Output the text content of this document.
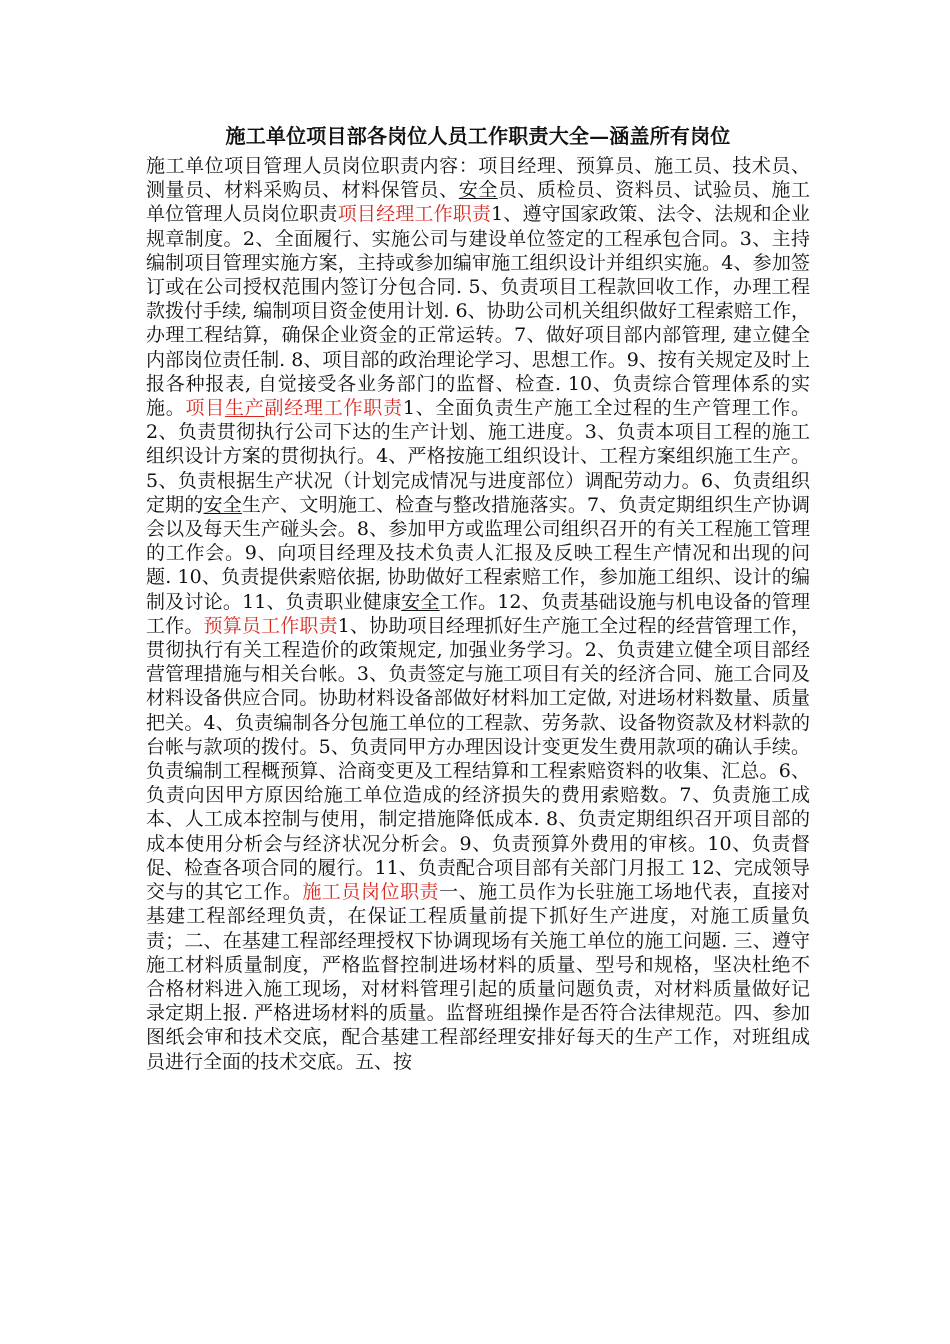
施工单位项目部各岗位人员工作职责大全—涵盖所有岗位

施工单位项目管理人员岗位职责内容：项目经理、预算员、施工员、技术员、测量员、材料采购员、材料保管员、安全员、质检员、资料员、试验员、施工单位管理人员岗位职责项目经理工作职责1、遵守国家政策、法令、法规和企业规章制度。2、全面履行、实施公司与建设单位签定的工程承包合同。3、主持编制项目管理实施方案，主持或参加编审施工组织设计并组织实施。4、参加签订或在公司授权范围内签订分包合同. 5、负责项目工程款回收工作，办理工程款拨付手续, 编制项目资金使用计划. 6、协助公司机关组织做好工程索赔工作，办理工程结算，确保企业资金的正常运转。7、做好项目部内部管理, 建立健全内部岗位责任制. 8、项目部的政治理论学习、思想工作。9、按有关规定及时上报各种报表, 自觉接受各业务部门的监督、检查. 10、负责综合管理体系的实施。项目生产副经理工作职责1、全面负责生产施工全过程的生产管理工作。2、负责贯彻执行公司下达的生产计划、施工进度。3、负责本项目工程的施工组织设计方案的贯彻执行。4、严格按施工组织设计、工程方案组织施工生产。5、负责根据生产状况（计划完成情况与进度部位）调配劳动力。6、负责组织定期的安全生产、文明施工、检查与整改措施落实。7、负责定期组织生产协调会以及每天生产碰头会。8、参加甲方或监理公司组织召开的有关工程施工管理的工作会。9、向项目经理及技术负责人汇报及反映工程生产情况和出现的问题. 10、负责提供索赔依据, 协助做好工程索赔工作，参加施工组织、设计的编制及讨论。11、负责职业健康安全工作。12、负责基础设施与机电设备的管理工作。预算员工作职责1、协助项目经理抓好生产施工全过程的经营管理工作，贯彻执行有关工程造价的政策规定, 加强业务学习。2、负责建立健全项目部经营管理措施与相关台帐。3、负责签定与施工项目有关的经济合同、施工合同及材料设备供应合同。协助材料设备部做好材料加工定做, 对进场材料数量、质量把关。4、负责编制各分包施工单位的工程款、劳务款、设备物资款及材料款的台帐与款项的拨付。5、负责同甲方办理因设计变更发生费用款项的确认手续。负责编制工程概预算、洽商变更及工程结算和工程索赔资料的收集、汇总。6、负责向因甲方原因给施工单位造成的经济损失的费用索赔数。7、负责施工成本、人工成本控制与使用，制定措施降低成本. 8、负责定期组织召开项目部的成本使用分析会与经济状况分析会。9、负责预算外费用的审核。10、负责督促、检查各项合同的履行。11、负责配合项目部有关部门月报工 12、完成领导交与的其它工作。施工员岗位职责一、施工员作为长驻施工场地代表，直接对基建工程部经理负责，在保证工程质量前提下抓好生产进度，对施工质量负责；二、在基建工程部经理授权下协调现场有关施工单位的施工问题. 三、遵守施工材料质量制度，严格监督控制进场材料的质量、型号和规格，坚决杜绝不合格材料进入施工现场，对材料管理引起的质量问题负责，对材料质量做好记录定期上报. 严格进场材料的质量。监督班组操作是否符合法律规范。四、参加图纸会审和技术交底，配合基建工程部经理安排好每天的生产工作，对班组成员进行全面的技术交底。五、按
